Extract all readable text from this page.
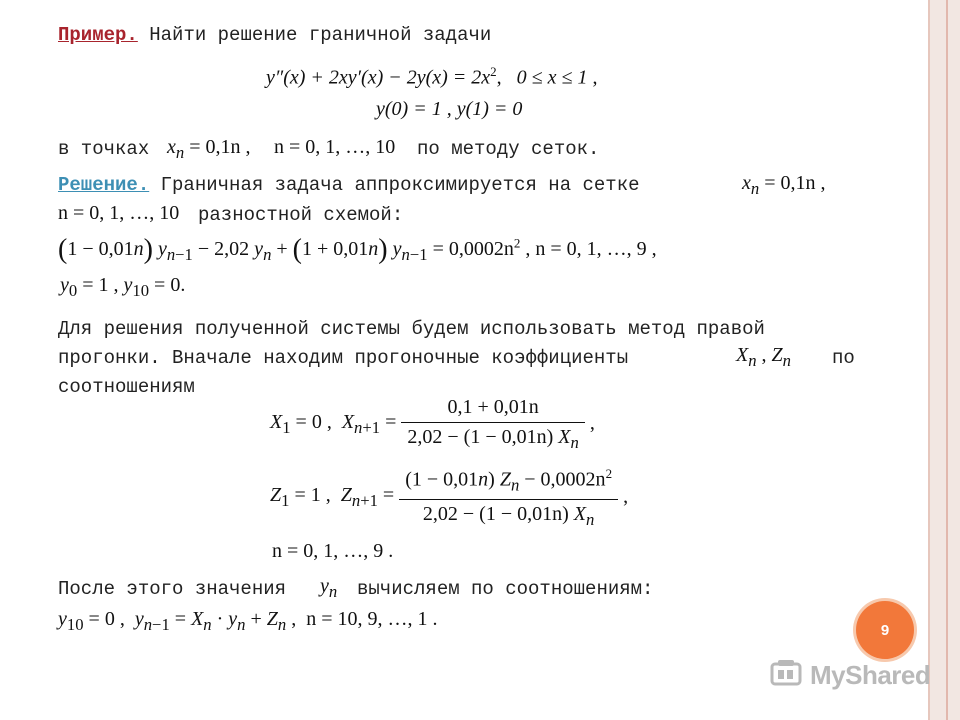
Пример. Найти решение граничной задачи
$y''(x) + 2xy'(x) - 2y(x) = 2x^2$,   0 ≤ x ≤ 1 ,
y(0) = 1 , y(1) = 0
в точках $x_n = 0,1n$ , n = 0, 1, …, 10 по методу сеток.
Решение. Граничная задача аппроксимируется на сетке	$x_n = 0,1n$ ,
n = 0, 1, …, 10 разностной схемой:
(1 − 0,01n) $y_{n-1} - 2,02$ $y_n + (1 + 0,01n) y_{n-1} = 0,0002n^2$ , n = 0, 1, …, 9 ,
$y_0 = 1$ , $y_{10} = 0$.
Для решения полученной системы будем использовать метод правой
прогонки. Вначале находим прогоночные коэффициенты	$X_n$ , $Z_n$ по
соотношениям
$X_1 = 0$ , $X_{n+1} = \frac{0,1 + 0,01n}{2,02 - (1 - 0,01n) X_n}$ ,
$Z_1 = 1$ , $Z_{n+1} = \frac{(1 - 0,01n) Z_n - 0,0002n^2}{2,02 - (1 - 0,01n) X_n}$ ,
n = 0, 1, …, 9 .
После этого значения $y_n$ вычисляем по соотношениям:
$y_{10} = 0$ , $y_{n-1} = X_n \cdot y_n + Z_n$ ,  n = 10, 9, …, 1 .	9
MyShared
